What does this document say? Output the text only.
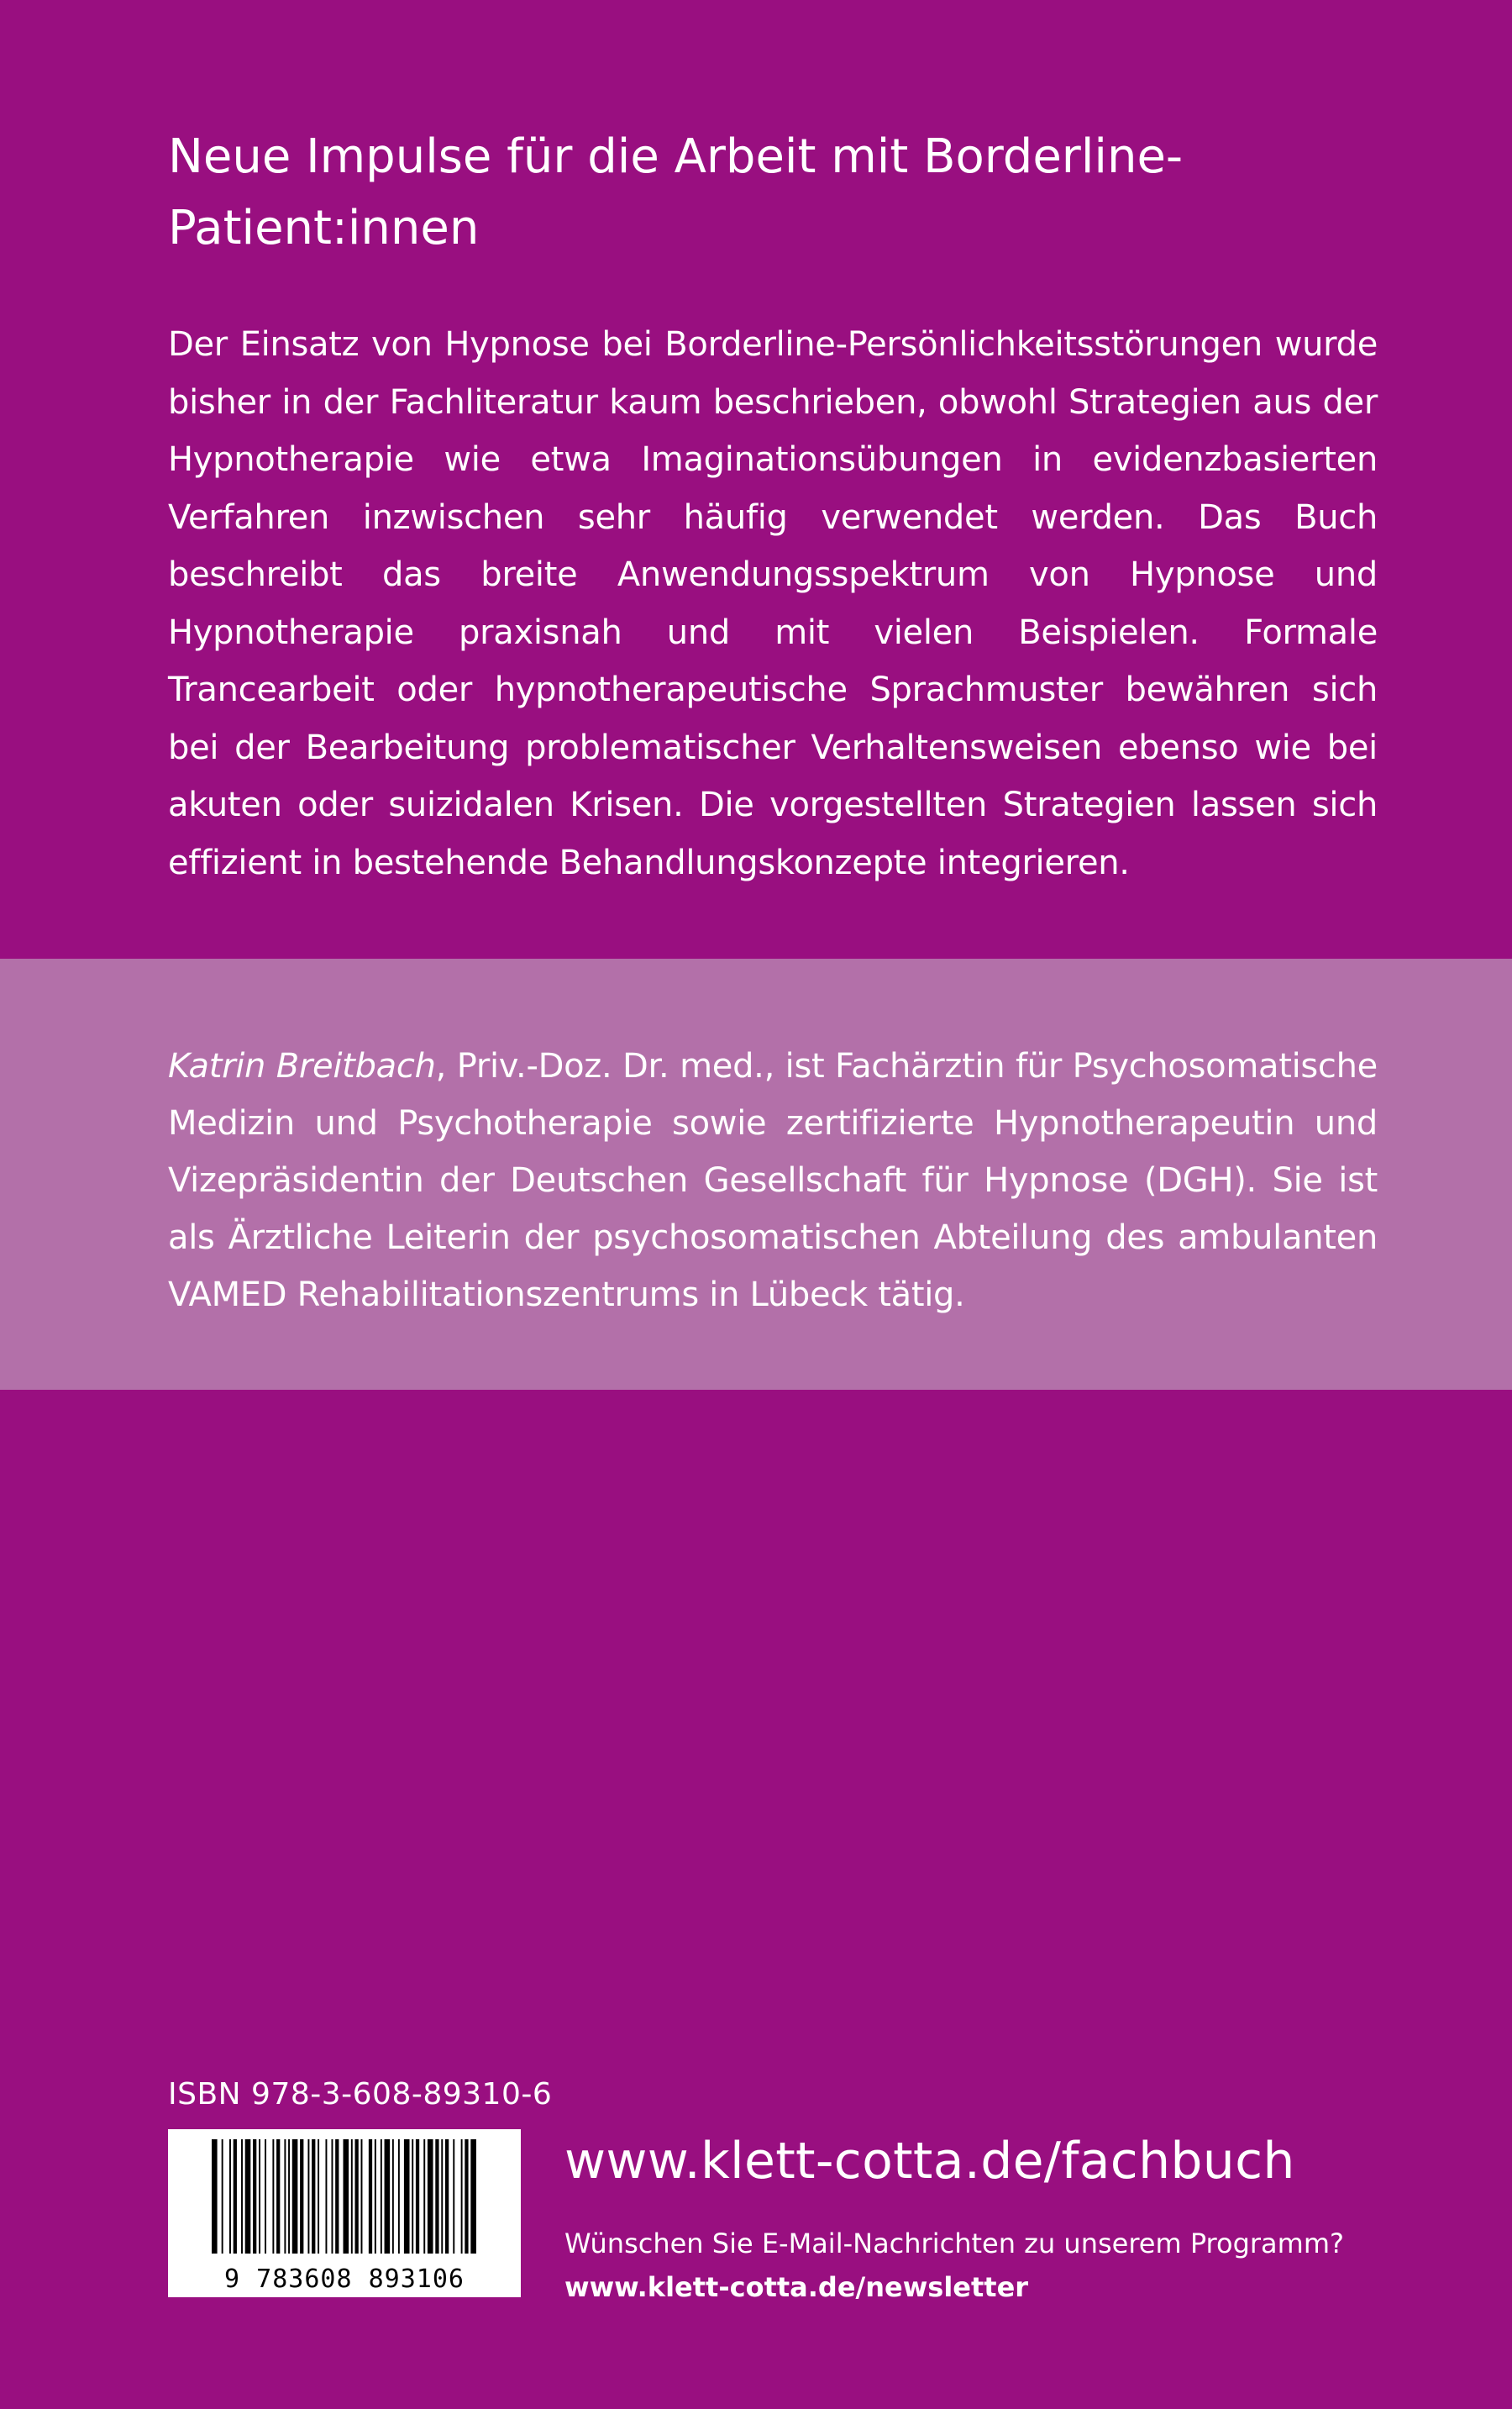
Neue Impulse für die Arbeit mit Borderline-Patient:innen

Der Einsatz von Hypnose bei Borderline-Persönlichkeitsstörungen wurde bisher in der Fachliteratur kaum beschrieben, obwohl Strategien aus der Hypnotherapie wie etwa Imaginationsübungen in evidenzbasierten Verfahren inzwischen sehr häufig verwendet werden. Das Buch beschreibt das breite Anwendungsspektrum von Hypnose und Hypnotherapie praxisnah und mit vielen Beispielen. Formale Trancearbeit oder hypnotherapeutische Sprachmuster bewähren sich bei der Bearbeitung problematischer Verhaltensweisen ebenso wie bei akuten oder suizidalen Krisen. Die vorgestellten Strategien lassen sich effizient in bestehende Behandlungskonzepte integrieren.

Katrin Breitbach, Priv.-Doz. Dr. med., ist Fachärztin für Psychosomatische Medizin und Psychotherapie sowie zertifizierte Hypnotherapeutin und Vizepräsidentin der Deutschen Gesellschaft für Hypnose (DGH). Sie ist als Ärztliche Leiterin der psychosomatischen Abteilung des ambulanten VAMED Rehabilitationszentrums in Lübeck tätig.

ISBN 978-3-608-89310-6
9 783608 893106
www.klett-cotta.de/fachbuch
Wünschen Sie E-Mail-Nachrichten zu unserem Programm?
www.klett-cotta.de/newsletter
